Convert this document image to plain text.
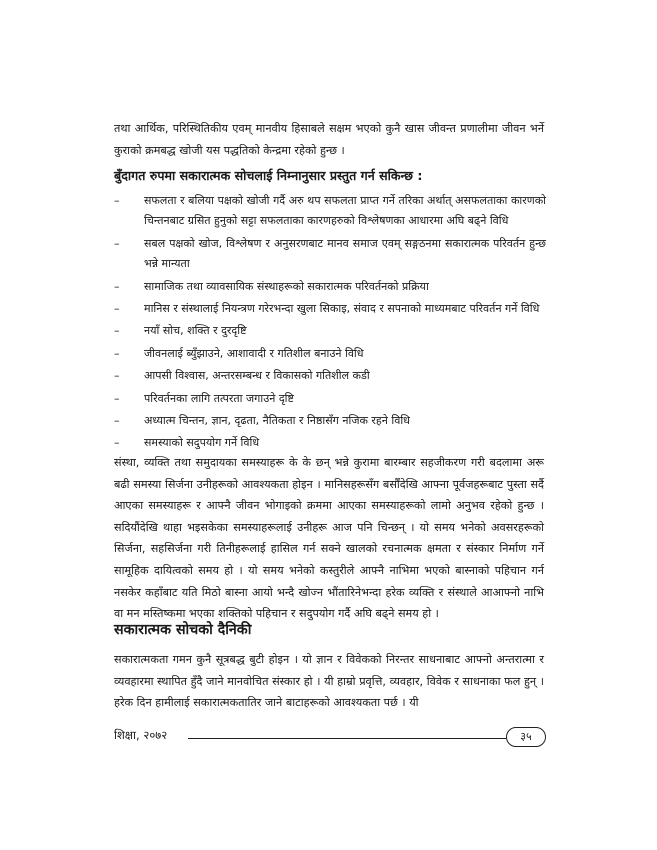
तथा आर्थिक, परिस्थितिकीय एवम् मानवीय हिसाबले सक्षम भएको कुनै खास जीवन्त प्रणालीमा जीवन भर्ने कुराको क्रमबद्ध खोजी यस पद्धतिको केन्द्रमा रहेको हुन्छ ।
बुँदागत रुपमा सकारात्मक सोचलाई निम्नानुसार प्रस्तुत गर्न सकिन्छ :
– सफलता र बलिया पक्षको खोजी गर्दै अरु थप सफलता प्राप्त गर्ने तरिका अर्थात् असफलताका कारणको चिन्तनबाट ग्रसित हुनुको सट्टा सफलताका कारणहरुको विश्लेषणका आधारमा अघि बढ्ने विधि
– सबल पक्षको खोज, विश्लेषण र अनुसरणबाट मानव समाज एवम् सङ्गठनमा सकारात्मक परिवर्तन हुन्छ भन्ने मान्यता
– सामाजिक तथा व्यावसायिक संस्थाहरूको सकारात्मक परिवर्तनको प्रक्रिया
– मानिस र संस्थालाई नियन्त्रण गरेरभन्दा खुला सिकाइ, संवाद र सपनाको माध्यमबाट परिवर्तन गर्ने विधि
– नयाँ सोच, शक्ति र दुरदृष्टि
– जीवनलाई ब्युँझाउने, आशावादी र गतिशील बनाउने विधि
– आपसी विश्वास, अन्तरसम्बन्ध र विकासको गतिशील कडी
– परिवर्तनका लागि तत्परता जगाउने दृष्टि
– अध्यात्म चिन्तन, ज्ञान, दृढता, नैतिकता र निष्ठासँग नजिक रहने विधि
– समस्याको सदुपयोग गर्ने विधि
संस्था, व्यक्ति तथा समुदायका समस्याहरू के के छन् भन्ने कुरामा बारम्बार सहजीकरण गरी बदलामा अरू बढी समस्या सिर्जना उनीहरूको आवश्यकता होइन । मानिसहरूसँग बर्सौंदेखि आफ्ना पूर्वजहरूबाट पुस्ता सर्दै आएका समस्याहरू र आफ्नै जीवन भोगाइको क्रममा आएका समस्याहरूको लामो अनुभव रहेको हुन्छ । सदियौंदेखि थाहा भइसकेका समस्याहरूलाई उनीहरू आज पनि चिन्छन् । यो समय भनेको अवसरहरूको सिर्जना, सहसिर्जना गरी तिनीहरूलाई हासिल गर्न सक्ने खालको रचनात्मक क्षमता र संस्कार निर्माण गर्ने सामूहिक दायित्वको समय हो । यो समय भनेको कस्तुरीले आफ्नै नाभिमा भएको बास्नाको पहिचान गर्न नसकेर कहाँबाट यति मिठो बास्ना आयो भन्दै खोज्न भौंतारिनेभन्दा हरेक व्यक्ति र संस्थाले आआफ्नो नाभि वा मन मस्तिष्कमा भएका शक्तिको पहिचान र सदुपयोग गर्दै अघि बढ्ने समय हो ।
सकारात्मक सोचको दैनिकी
सकारात्मकता गमन कुनै सूत्रबद्ध बुटी होइन । यो ज्ञान र विवेकको निरन्तर साधनाबाट आफ्नो अन्तरात्मा र व्यवहारमा स्थापित हुँदै जाने मानवोचित संस्कार हो । यी हाम्रो प्रवृत्ति, व्यवहार, विवेक र साधनाका फल हुन् । हरेक दिन हामीलाई सकारात्मकतातिर जाने बाटाहरूको आवश्यकता पर्छ । यी
शिक्षा, २०७२	३५
